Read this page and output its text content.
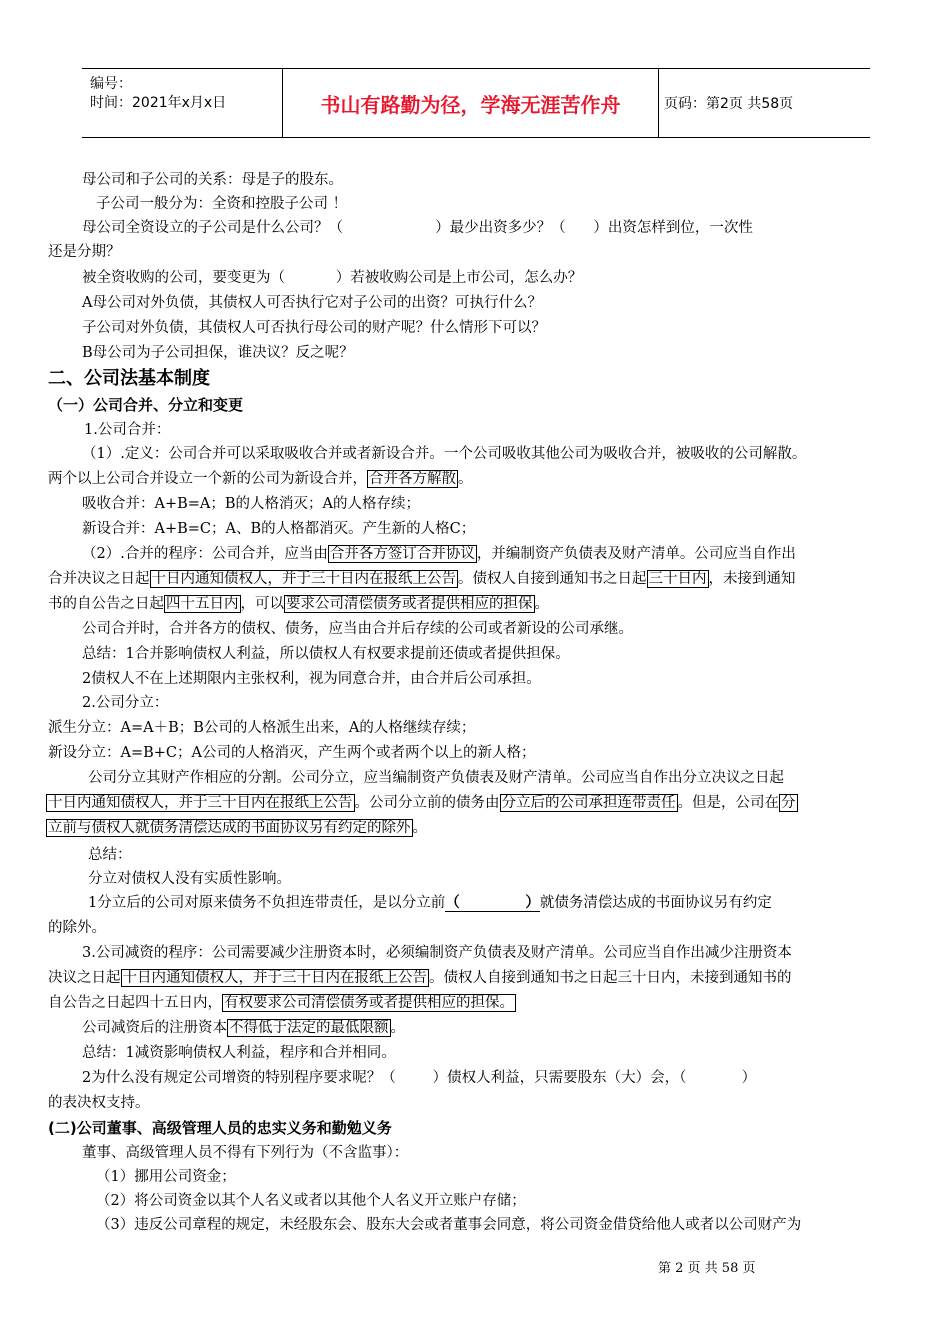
编号：
时间：2021年x月x日	书山有路勤为径，学海无涯苦作舟	页码：第2页 共58页
母公司和子公司的关系：母是子的股东。
子公司一般分为：全资和控股子公司 ！
母公司全资设立的子公司是什么公司？（	）最少出资多少？（ ）出资怎样到位，一次性
还是分期？
被全资收购的公司，要变更为（	）若被收购公司是上市公司，怎么办？
A母公司对外负债，其债权人可否执行它对子公司的出资？可执行什么？
子公司对外负债，其债权人可否执行母公司的财产呢？什么情形下可以？
B母公司为子公司担保，谁决议？反之呢？
二、公司法基本制度
（一）公司合并、分立和变更
1.公司合并：
（1）.定义：公司合并可以采取吸收合并或者新设合并。一个公司吸收其他公司为吸收合并，被吸收的公司解散。
两个以上公司合并设立一个新的公司为新设合并， 合并各方解散 。
吸收合并：A+B=A；B的人格消灭；A的人格存续；
新设合并：A+B=C；A、B的人格都消灭。产生新的人格C；
（2）.合并的程序：公司合并，应当由 合并各方签订合并协议 ，并编制资产负债表及财产清单。公司应当自作出
合并决议之日起 十日内通知债权人，并于三十日内在报纸上公告 。债权人自接到通知书之日起 三十日内 ，未接到通知
书的自公告之日起 四十五日内 ，可以 要求公司清偿债务或者提供相应的担保 。
公司合并时，合并各方的债权、债务，应当由合并后存续的公司或者新设的公司承继。
总结：1合并影响债权人利益，所以债权人有权要求提前还债或者提供担保。
2债权人不在上述期限内主张权利，视为同意合并，由合并后公司承担。
2.公司分立：
派生分立：A=A＋B；B公司的人格派生出来，A的人格继续存续；
新设分立：A=B+C；A公司的人格消灭，产生两个或者两个以上的新人格；
公司分立其财产作相应的分割。公司分立，应当编制资产负债表及财产清单。公司应当自作出分立决议之日起
十日内通知债权人，并于三十日内在报纸上公告 。公司分立前的债务由 分立后的公司承担连带责任 。但是，公司在 分
立前与债权人就债务清偿达成的书面协议另有约定的除外 。
总结：
分立对债权人没有实质性影响。
1分立后的公司对原来债务不负担连带责任，是以分立前（             ）就债务清偿达成的书面协议另有约定
的除外。
3.公司减资的程序：公司需要减少注册资本时，必须编制资产负债表及财产清单。公司应当自作出减少注册资本
决议之日起 十日内通知债权人，并于三十日内在报纸上公告 。债权人自接到通知书之日起三十日内，未接到通知书的
自公告之日起四十五日内， 有权要求公司清偿债务或者提供相应的担保。
公司减资后的注册资本 不得低于法定的最低限额 。
总结：1减资影响债权人利益，程序和合并相同。
2为什么没有规定公司增资的特别程序要求呢？（	）债权人利益，只需要股东（大）会，（	）
的表决权支持。
(二)公司董事、高级管理人员的忠实义务和勤勉义务
董事、高级管理人员不得有下列行为（不含监事）：
（1）挪用公司资金；
（2）将公司资金以其个人名义或者以其他个人名义开立账户存储；
（3）违反公司章程的规定，未经股东会、股东大会或者董事会同意，将公司资金借贷给他人或者以公司财产为
第 2 页 共 58 页
